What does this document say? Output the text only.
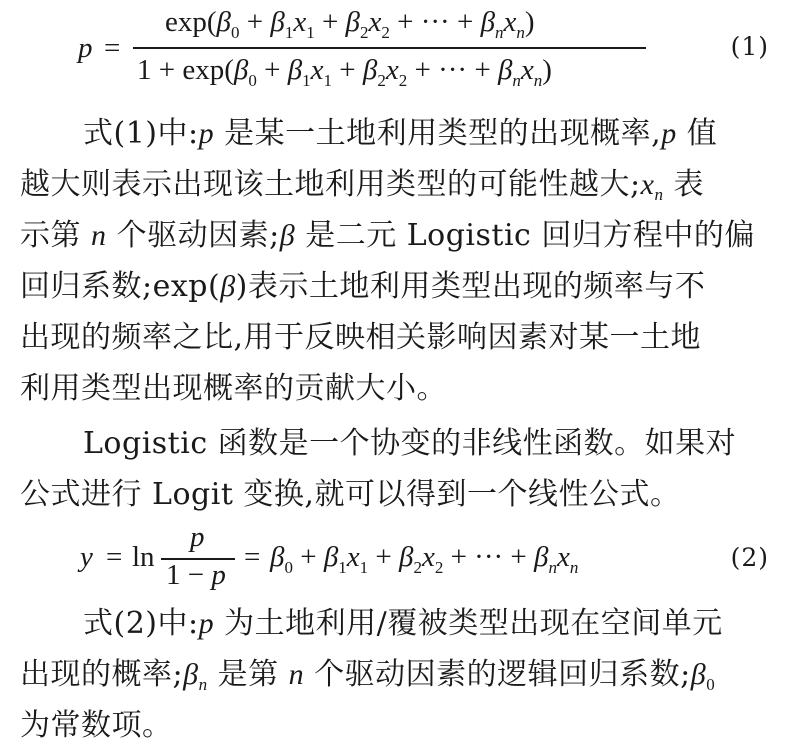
p =
$\exp(\beta_0 + \beta_1x_1 + \beta_2x_2$ + ··· + $\beta_nx_n$)
$1 + \exp(\beta_0 + \beta_1x_1 + \beta_2x_2$ + ··· + $\beta_nx_n$)
(1)
式(1)中:p 是某一土地利用类型的出现概率,p 值
越大则表示出现该土地利用类型的可能性越大$;x_n$ 表
示第 n 个驱动因素;β 是二元 Logistic 回归方程中的偏
回归系数;exp(β)表示土地利用类型出现的频率与不
出现的频率之比,用于反映相关影响因素对某一土地
利用类型出现概率的贡献大小。
Logistic 函数是一个协变的非线性函数。如果对
公式进行 Logit 变换,就可以得到一个线性公式。
y = ln
p
1 − p
= $\beta_0 + \beta_1x_1 + \beta_2x_2$ + ··· + $\beta_nx_n$	(2)
式(2)中:p 为土地利用/覆被类型出现在空间单元
出现的概率$;\beta_n$ 是第 n 个驱动因素的逻辑回归系数$;\beta_0$
为常数项。
